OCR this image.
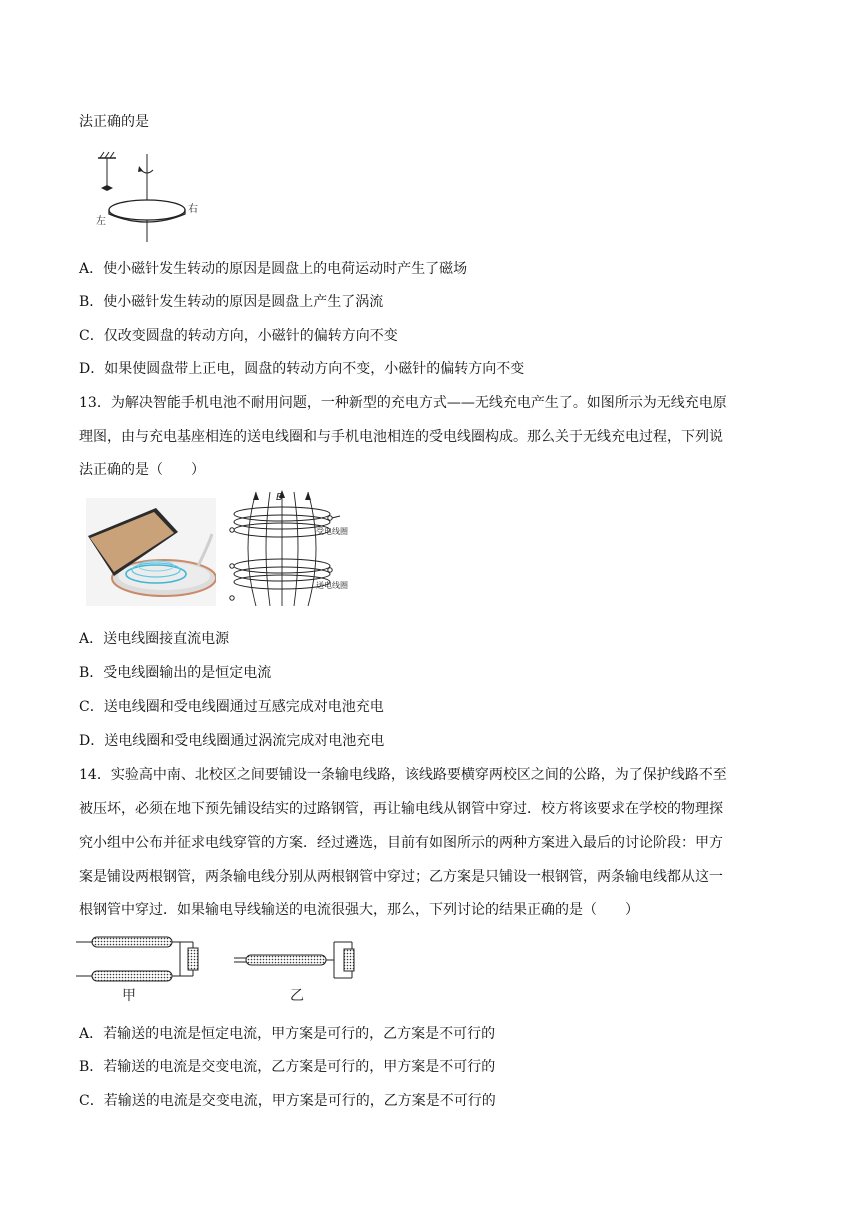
法正确的是
左
右
A．使小磁针发生转动的原因是圆盘上的电荷运动时产生了磁场
B．使小磁针发生转动的原因是圆盘上产生了涡流
C．仅改变圆盘的转动方向，小磁针的偏转方向不变
D．如果使圆盘带上正电，圆盘的转动方向不变，小磁针的偏转方向不变
13．为解决智能手机电池不耐用问题，一种新型的充电方式——无线充电产生了。如图所示为无线充电原
理图，由与充电基座相连的送电线圈和与手机电池相连的受电线圈构成。那么关于无线充电过程，下列说
法正确的是（　　）
B
受电线圈
送电线圈
A．送电线圈接直流电源
B．受电线圈输出的是恒定电流
C．送电线圈和受电线圈通过互感完成对电池充电
D．送电线圈和受电线圈通过涡流完成对电池充电
14．实验高中南、北校区之间要铺设一条输电线路，该线路要横穿两校区之间的公路，为了保护线路不至
被压坏，必须在地下预先铺设结实的过路钢管，再让输电线从钢管中穿过．校方将该要求在学校的物理探
究小组中公布并征求电线穿管的方案．经过遴选，目前有如图所示的两种方案进入最后的讨论阶段：甲方
案是铺设两根钢管，两条输电线分别从两根钢管中穿过；乙方案是只铺设一根钢管，两条输电线都从这一
根钢管中穿过．如果输电导线输送的电流很强大，那么，下列讨论的结果正确的是（　　）
甲	乙
A．若输送的电流是恒定电流，甲方案是可行的，乙方案是不可行的
B．若输送的电流是交变电流，乙方案是可行的，甲方案是不可行的
C．若输送的电流是交变电流，甲方案是可行的，乙方案是不可行的
